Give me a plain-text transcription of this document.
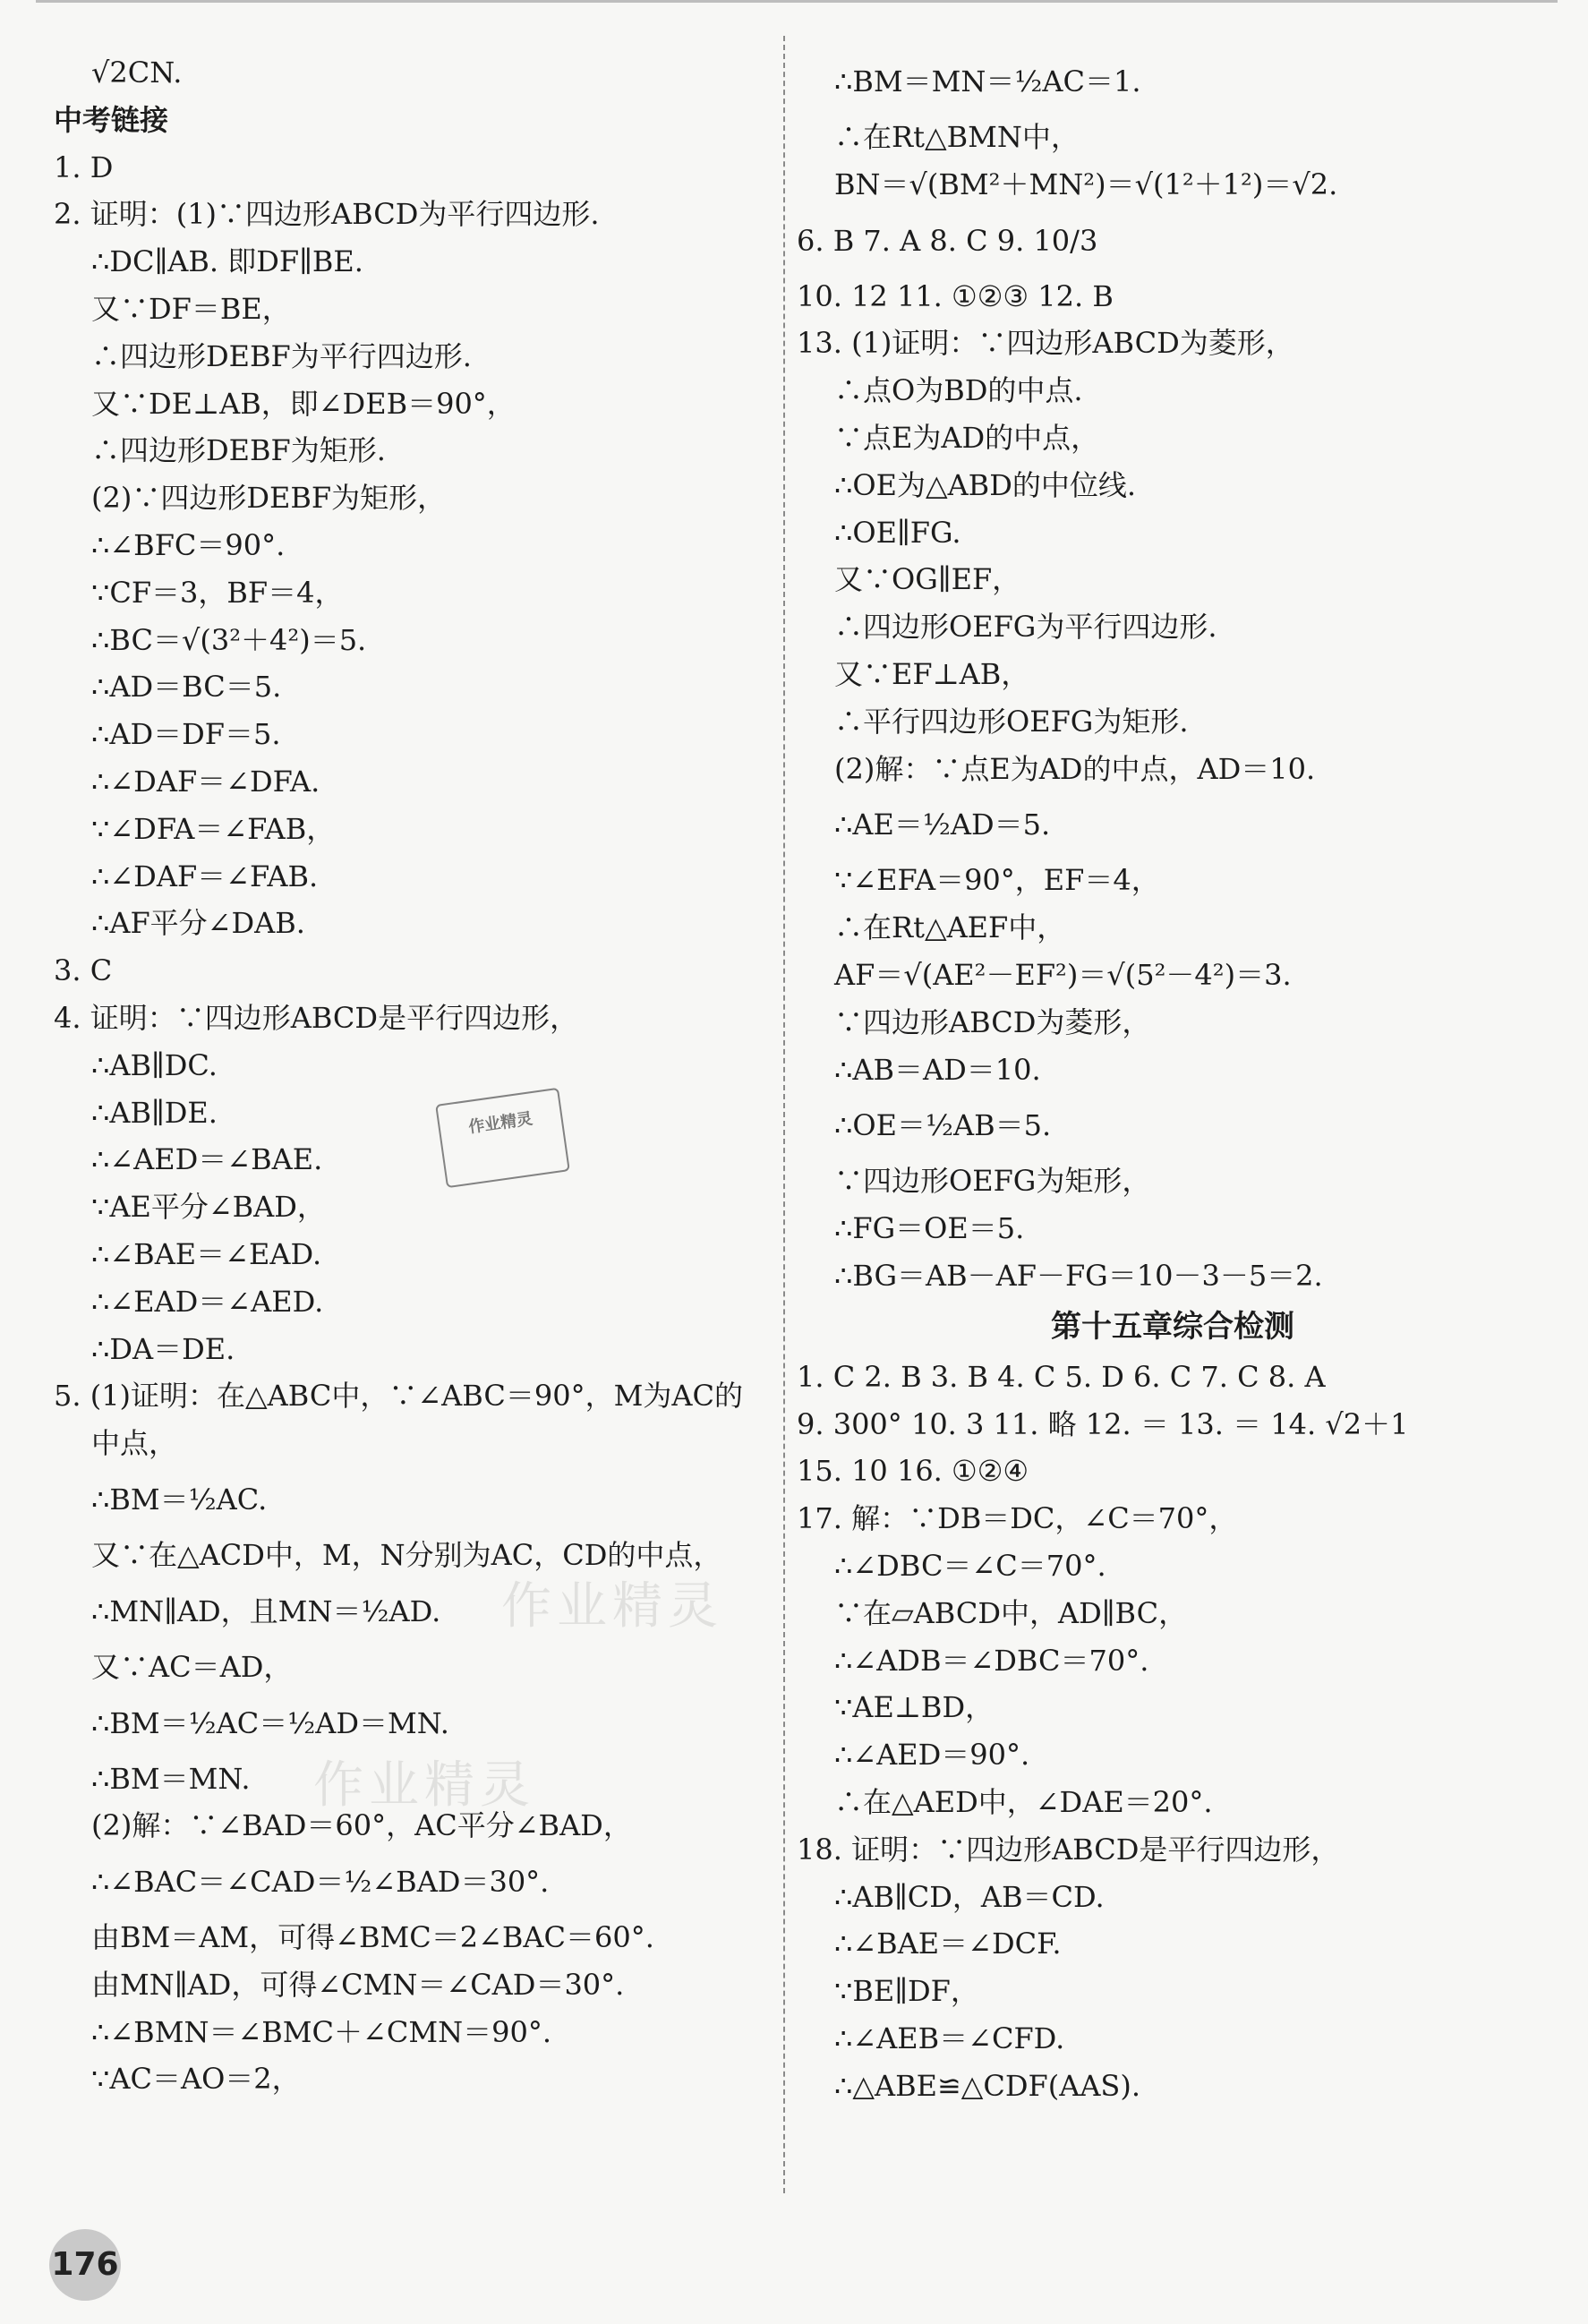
√2CN.
中考链接
1. D
2. 证明：(1)∵四边形ABCD为平行四边形.
∴DC∥AB. 即DF∥BE.
又∵DF＝BE，
∴四边形DEBF为平行四边形.
又∵DE⊥AB，即∠DEB＝90°，
∴四边形DEBF为矩形.
(2)∵四边形DEBF为矩形，
∴∠BFC＝90°.
∵CF＝3，BF＝4，
∴BC＝√(3²＋4²)＝5.
∴AD＝BC＝5.
∴AD＝DF＝5.
∴∠DAF＝∠DFA.
∵∠DFA＝∠FAB，
∴∠DAF＝∠FAB.
∴AF平分∠DAB.
3. C
4. 证明：∵四边形ABCD是平行四边形，
∴AB∥DC.
∴AB∥DE.
∴∠AED＝∠BAE.
∵AE平分∠BAD，
∴∠BAE＝∠EAD.
∴∠EAD＝∠AED.
∴DA＝DE.
5. (1)证明：在△ABC中，∵∠ABC＝90°，M为AC的
中点，
∴BM＝½AC.
又∵在△ACD中，M，N分别为AC，CD的中点，
∴MN∥AD，且MN＝½AD.
又∵AC＝AD，
∴BM＝½AC＝½AD＝MN.
∴BM＝MN.
(2)解：∵∠BAD＝60°，AC平分∠BAD，
∴∠BAC＝∠CAD＝½∠BAD＝30°.
由BM＝AM，可得∠BMC＝2∠BAC＝60°.
由MN∥AD，可得∠CMN＝∠CAD＝30°.
∴∠BMN＝∠BMC＋∠CMN＝90°.
∵AC＝AO＝2，
∴BM＝MN＝½AC＝1.
∴在Rt△BMN中，
BN＝√(BM²＋MN²)＝√(1²＋1²)＝√2.
6. B 7. A 8. C 9. 10/3
10. 12 11. ①②③ 12. B
13. (1)证明：∵四边形ABCD为菱形，
∴点O为BD的中点.
∵点E为AD的中点，
∴OE为△ABD的中位线.
∴OE∥FG.
又∵OG∥EF，
∴四边形OEFG为平行四边形.
又∵EF⊥AB，
∴平行四边形OEFG为矩形.
(2)解：∵点E为AD的中点，AD＝10.
∴AE＝½AD＝5.
∵∠EFA＝90°，EF＝4，
∴在Rt△AEF中，
AF＝√(AE²－EF²)＝√(5²－4²)＝3.
∵四边形ABCD为菱形，
∴AB＝AD＝10.
∴OE＝½AB＝5.
∵四边形OEFG为矩形，
∴FG＝OE＝5.
∴BG＝AB－AF－FG＝10－3－5＝2.
第十五章综合检测
1. C 2. B 3. B 4. C 5. D 6. C 7. C 8. A
9. 300° 10. 3 11. 略 12. ＝ 13. ＝ 14. √2＋1
15. 10 16. ①②④
17. 解：∵DB＝DC，∠C＝70°，
∴∠DBC＝∠C＝70°.
∵在▱ABCD中，AD∥BC，
∴∠ADB＝∠DBC＝70°.
∵AE⊥BD，
∴∠AED＝90°.
∴在△AED中，∠DAE＝20°.
18. 证明：∵四边形ABCD是平行四边形，
∴AB∥CD，AB＝CD.
∴∠BAE＝∠DCF.
∵BE∥DF，
∴∠AEB＝∠CFD.
∴△ABE≌△CDF(AAS).
作业精灵
作业精灵
作业精灵
176
